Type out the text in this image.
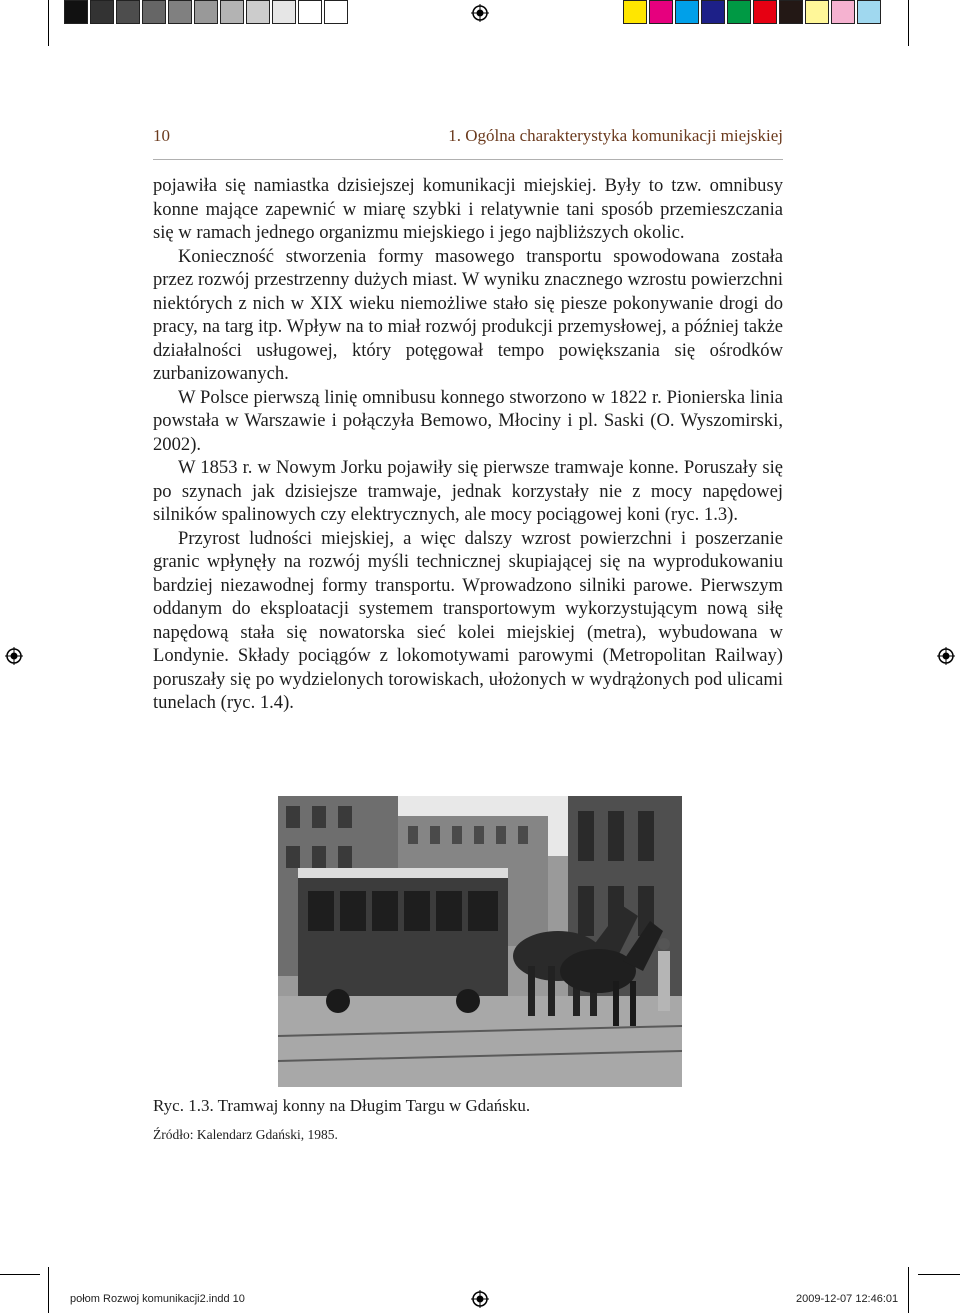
10	1. Ogólna charakterystyka komunikacji miejskiej

pojawiła się namiastka dzisiejszej komunikacji miejskiej. Były to tzw. omnibusy konne mające zapewnić w miarę szybki i relatywnie tani sposób przemieszczania się w ramach jednego organizmu miejskiego i jego najbliższych okolic.

Konieczność stworzenia formy masowego transportu spowodowana została przez rozwój przestrzenny dużych miast. W wyniku znacznego wzrostu powierzchni niektórych z nich w XIX wieku niemożliwe stało się piesze pokonywanie drogi do pracy, na targ itp. Wpływ na to miał rozwój produkcji przemysłowej, a później także działalności usługowej, który potęgował tempo powiększania się ośrodków zurbanizowanych.

W Polsce pierwszą linię omnibusu konnego stworzono w 1822 r. Pionierska linia powstała w Warszawie i połączyła Bemowo, Młociny i pl. Saski (O. Wyszomirski, 2002).

W 1853 r. w Nowym Jorku pojawiły się pierwsze tramwaje konne. Poruszały się po szynach jak dzisiejsze tramwaje, jednak korzystały nie z mocy napędowej silników spalinowych czy elektrycznych, ale mocy pociągowej koni (ryc. 1.3).

Przyrost ludności miejskiej, a więc dalszy wzrost powierzchni i poszerzanie granic wpłynęły na rozwój myśli technicznej skupiającej się na wyprodukowaniu bardziej niezawodnej formy transportu. Wprowadzono silniki parowe. Pierwszym oddanym do eksploatacji systemem transportowym wykorzystującym nową siłę napędową stała się nowatorska sieć kolei miejskiej (metra), wybudowana w Londynie. Składy pociągów z lokomotywami parowymi (Metropolitan Railway) poruszały się po wydzielonych torowiskach, ułożonych w wydrążonych pod ulicami tunelach (ryc. 1.4).

Ryc. 1.3. Tramwaj konny na Długim Targu w Gdańsku.
Źródło: Kalendarz Gdański, 1985.
połom Rozwoj komunikacji2.indd 10	2009-12-07 12:46:01
